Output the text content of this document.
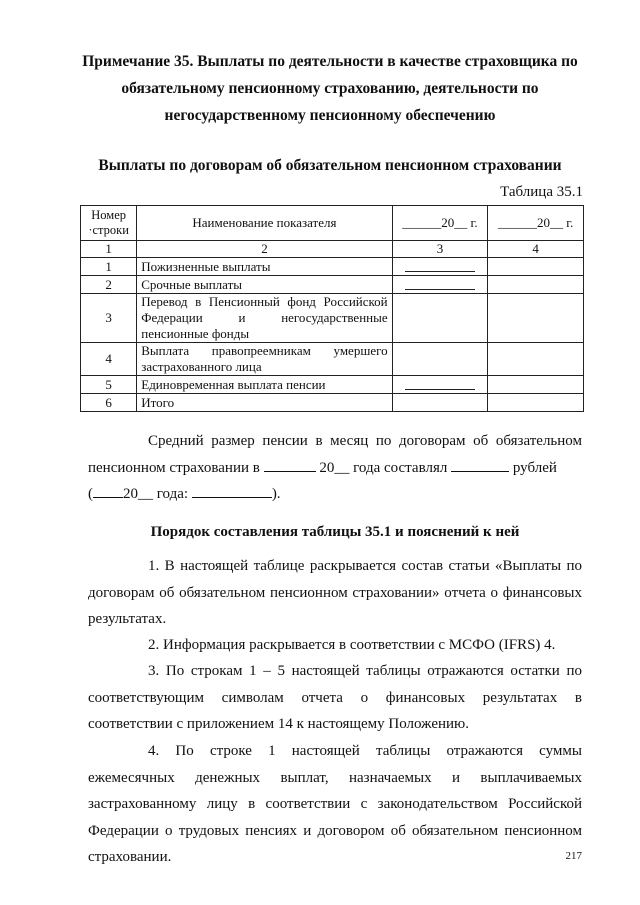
Примечание 35. Выплаты по деятельности в качестве страховщика по
обязательному пенсионному страхованию, деятельности по
негосударственному пенсионному обеспечению
Выплаты по договорам об обязательном пенсионном страховании
Таблица 35.1
Номер
·строки	Наименование показателя	______20__ г.	______20__ г.
1	2	3	4
1	Пожизненные выплаты	

2	Срочные выплаты	

3	Перевод в Пенсионный фонд Российской Федерации и негосударственные пенсионные фонды		
4	Выплата правопреемникам умершего застрахованного лица		
5	Единовременная выплата пенсии	

6	Итого		
Средний размер пенсии в месяц по договорам об обязательном пенсионном страховании в	20__ года составлял	рублей
( 20__ года:	).
Порядок составления таблицы 35.1 и пояснений к ней
1. В настоящей таблице раскрывается состав статьи «Выплаты по договорам об обязательном пенсионном страховании» отчета о финансовых результатах.
2. Информация раскрывается в соответствии с МСФО (IFRS) 4.
3. По строкам 1 – 5 настоящей таблицы отражаются остатки по соответствующим символам отчета о финансовых результатах в соответствии с приложением 14 к настоящему Положению.
4. По строке 1 настоящей таблицы отражаются суммы ежемесячных денежных выплат, назначаемых и выплачиваемых застрахованному лицу в соответствии с законодательством Российской Федерации о трудовых пенсиях и договором об обязательном пенсионном страховании.	217
